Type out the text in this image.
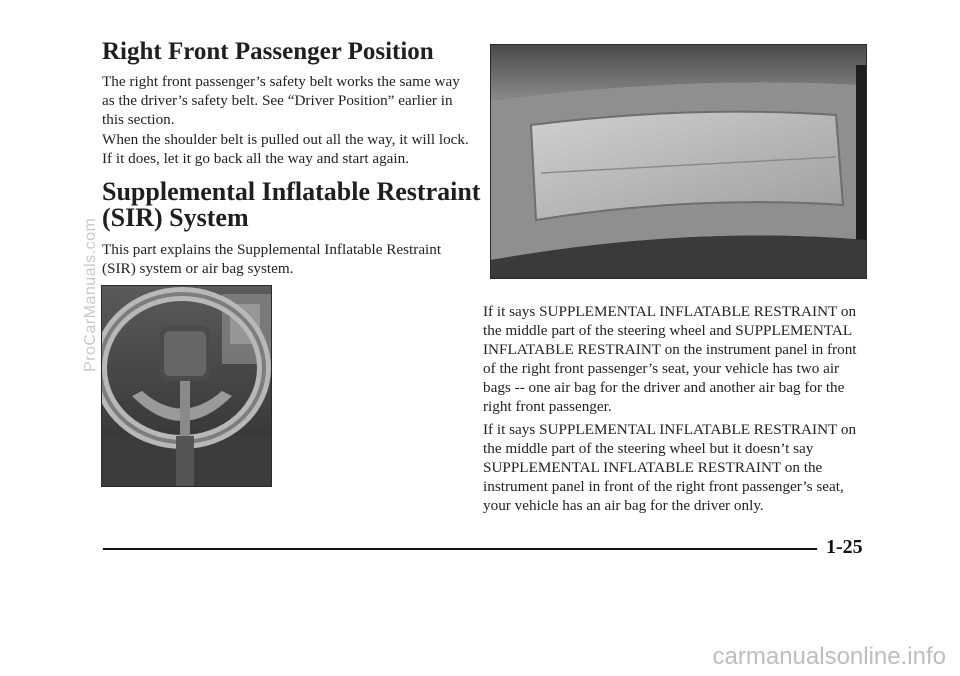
Right Front Passenger Position

The right front passenger’s safety belt works the same way as the driver’s safety belt. See “Driver Position” earlier in this section.

When the shoulder belt is pulled out all the way, it will lock. If it does, let it go back all the way and start again.

Supplemental Inflatable Restraint
(SIR) System

This part explains the Supplemental Inflatable Restraint (SIR) system or air bag system.

If it says SUPPLEMENTAL INFLATABLE RESTRAINT on the middle part of the steering wheel and SUPPLEMENTAL INFLATABLE RESTRAINT on the instrument panel in front of the right front passenger’s seat, your vehicle has two air bags -- one air bag for the driver and another air bag for the right front passenger.

If it says SUPPLEMENTAL INFLATABLE RESTRAINT on the middle part of the steering wheel but it doesn’t say SUPPLEMENTAL INFLATABLE RESTRAINT on the instrument panel in front of the right front passenger’s seat, your vehicle has an air bag for the driver only.

1-25
ProCarManuals.com
carmanualsonline.info
